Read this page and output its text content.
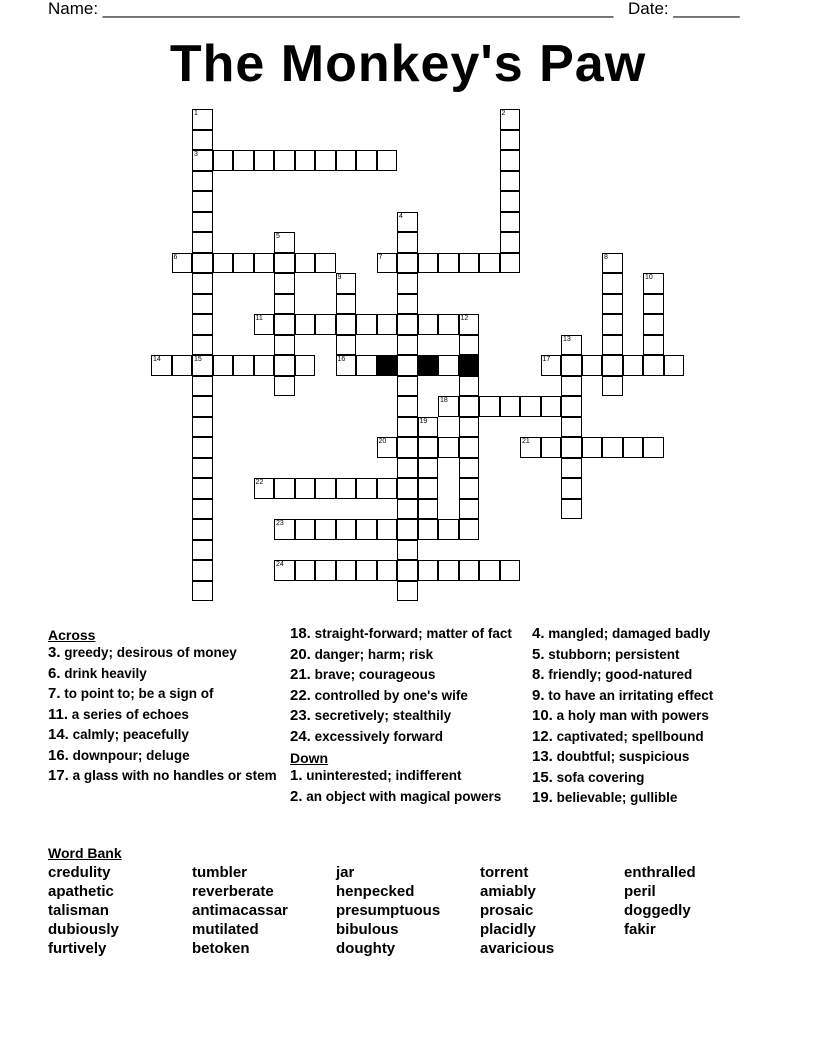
Name: ______________________________________________________ Date: _______
The Monkey's Paw
1
3
15
2
4
5
6	7	8
9	10
11	12
13
14	16	17
18
19
20	21
22
23
24
Across
3. greedy; desirous of money
6. drink heavily
7. to point to; be a sign of
11. a series of echoes
14. calmly; peacefully
16. downpour; deluge
17. a glass with no handles or stem
18. straight-forward; matter of fact
20. danger; harm; risk
21. brave; courageous
22. controlled by one's wife
23. secretively; stealthily
24. excessively forward
Down
1. uninterested; indifferent
2. an object with magical powers
4. mangled; damaged badly
5. stubborn; persistent
8. friendly; good-natured
9. to have an irritating effect
10. a holy man with powers
12. captivated; spellbound
13. doubtful; suspicious
15. sofa covering
19. believable; gullible
Word Bank
credulity
apathetic
talisman
dubiously
furtively
tumbler
reverberate
antimacassar
mutilated
betoken
jar
henpecked
presumptuous
bibulous
doughty
torrent
amiably
prosaic
placidly
avaricious
enthralled
peril
doggedly
fakir
